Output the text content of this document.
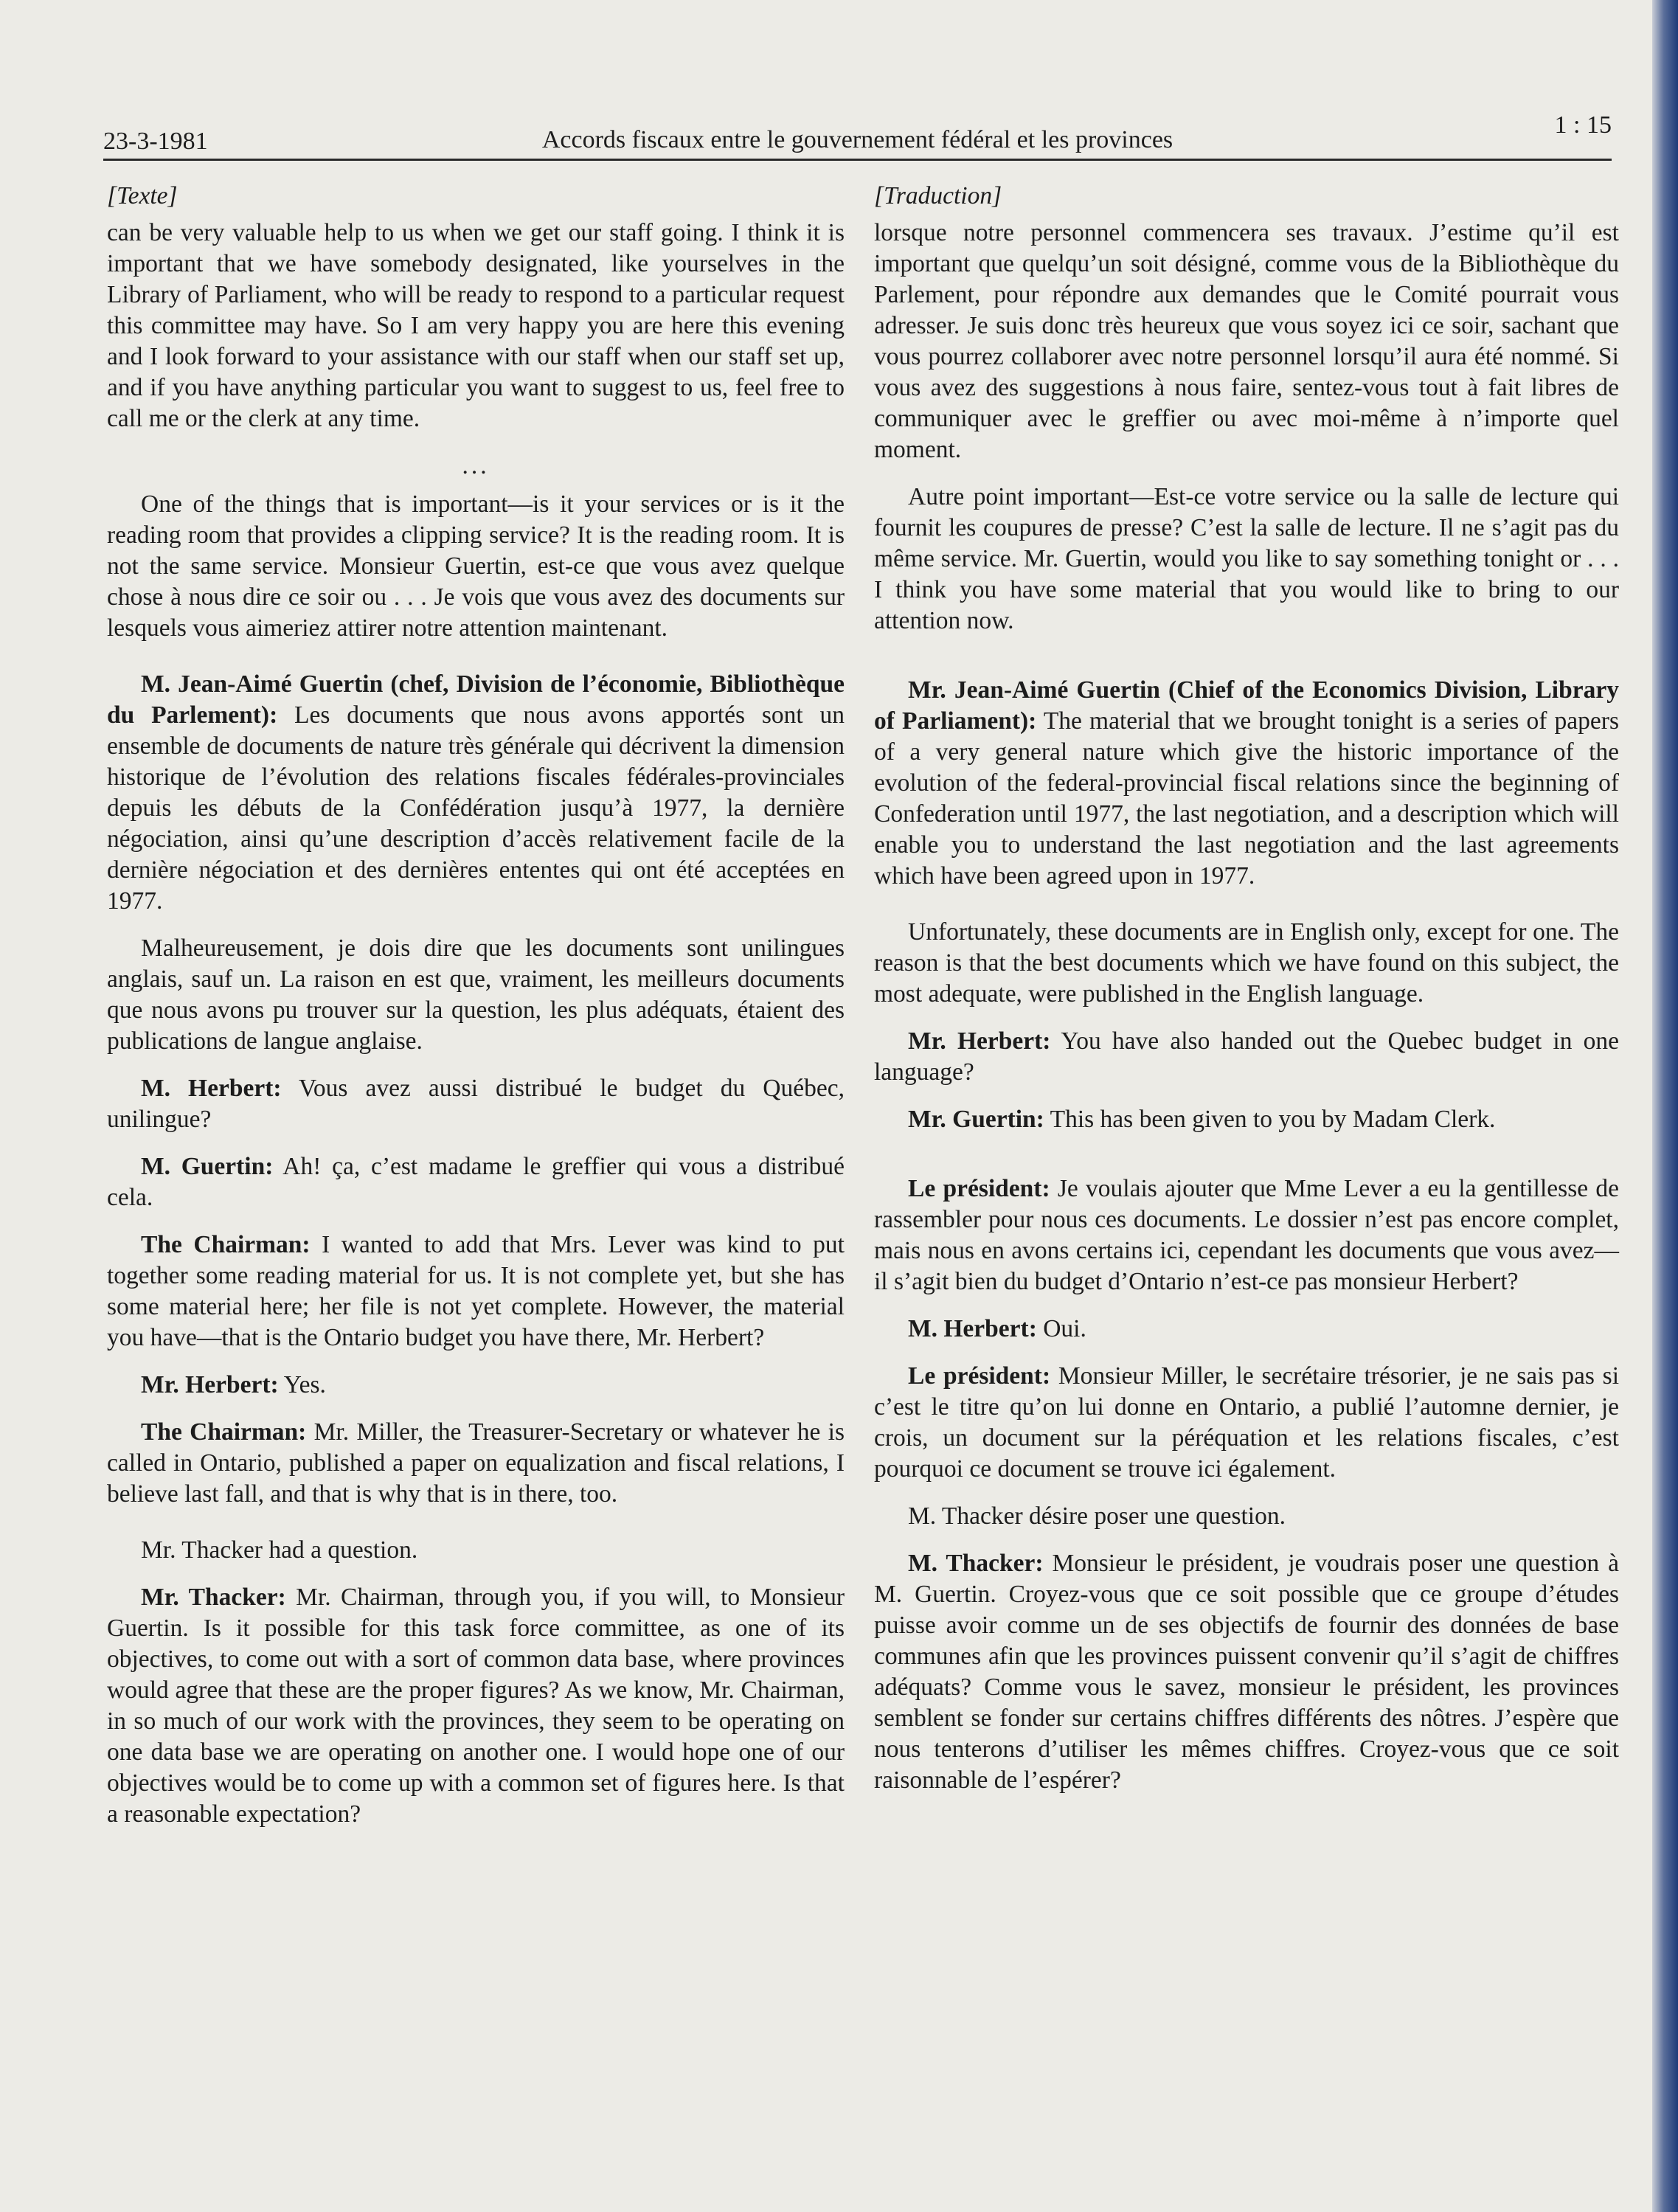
23-3-1981	Accords fiscaux entre le gouvernement fédéral et les provinces
1 : 15
[Texte]

can be very valuable help to us when we get our staff going. I think it is important that we have somebody designated, like yourselves in the Library of Parliament, who will be ready to respond to a particular request this committee may have. So I am very happy you are here this evening and I look forward to your assistance with our staff when our staff set up, and if you have anything particular you want to suggest to us, feel free to call me or the clerk at any time.

...

One of the things that is important—is it your services or is it the reading room that provides a clipping service? It is the reading room. It is not the same service. Monsieur Guertin, est-ce que vous avez quelque chose à nous dire ce soir ou . . . Je vois que vous avez des documents sur lesquels vous aimeriez attirer notre attention maintenant.

M. Jean-Aimé Guertin (chef, Division de l’économie, Bibliothèque du Parlement): Les documents que nous avons apportés sont un ensemble de documents de nature très générale qui décrivent la dimension historique de l’évolution des relations fiscales fédérales-provinciales depuis les débuts de la Confédération jusqu’à 1977, la dernière négociation, ainsi qu’une description d’accès relativement facile de la dernière négociation et des dernières ententes qui ont été acceptées en 1977.

Malheureusement, je dois dire que les documents sont unilingues anglais, sauf un. La raison en est que, vraiment, les meilleurs documents que nous avons pu trouver sur la question, les plus adéquats, étaient des publications de langue anglaise.

M. Herbert: Vous avez aussi distribué le budget du Québec, unilingue?

M. Guertin: Ah! ça, c’est madame le greffier qui vous a distribué cela.

The Chairman: I wanted to add that Mrs. Lever was kind to put together some reading material for us. It is not complete yet, but she has some material here; her file is not yet complete. However, the material you have—that is the Ontario budget you have there, Mr. Herbert?

Mr. Herbert: Yes.

The Chairman: Mr. Miller, the Treasurer-Secretary or whatever he is called in Ontario, published a paper on equalization and fiscal relations, I believe last fall, and that is why that is in there, too.

Mr. Thacker had a question.

Mr. Thacker: Mr. Chairman, through you, if you will, to Monsieur Guertin. Is it possible for this task force committee, as one of its objectives, to come out with a sort of common data base, where provinces would agree that these are the proper figures? As we know, Mr. Chairman, in so much of our work with the provinces, they seem to be operating on one data base we are operating on another one. I would hope one of our objectives would be to come up with a common set of figures here. Is that a reasonable expectation?

[Traduction]

lorsque notre personnel commencera ses travaux. J’estime qu’il est important que quelqu’un soit désigné, comme vous de la Bibliothèque du Parlement, pour répondre aux demandes que le Comité pourrait vous adresser. Je suis donc très heureux que vous soyez ici ce soir, sachant que vous pourrez collaborer avec notre personnel lorsqu’il aura été nommé. Si vous avez des suggestions à nous faire, sentez-vous tout à fait libres de communiquer avec le greffier ou avec moi-même à n’importe quel moment.

Autre point important—Est-ce votre service ou la salle de lecture qui fournit les coupures de presse? C’est la salle de lecture. Il ne s’agit pas du même service. Mr. Guertin, would you like to say something tonight or . . . I think you have some material that you would like to bring to our attention now.

Mr. Jean-Aimé Guertin (Chief of the Economics Division, Library of Parliament): The material that we brought tonight is a series of papers of a very general nature which give the historic importance of the evolution of the federal-provincial fiscal relations since the beginning of Confederation until 1977, the last negotiation, and a description which will enable you to understand the last negotiation and the last agreements which have been agreed upon in 1977.

Unfortunately, these documents are in English only, except for one. The reason is that the best documents which we have found on this subject, the most adequate, were published in the English language.

Mr. Herbert: You have also handed out the Quebec budget in one language?

Mr. Guertin: This has been given to you by Madam Clerk.

Le président: Je voulais ajouter que Mme Lever a eu la gentillesse de rassembler pour nous ces documents. Le dossier n’est pas encore complet, mais nous en avons certains ici, cependant les documents que vous avez—il s’agit bien du budget d’Ontario n’est-ce pas monsieur Herbert?

M. Herbert: Oui.

Le président: Monsieur Miller, le secrétaire trésorier, je ne sais pas si c’est le titre qu’on lui donne en Ontario, a publié l’automne dernier, je crois, un document sur la péréquation et les relations fiscales, c’est pourquoi ce document se trouve ici également.

M. Thacker désire poser une question.

M. Thacker: Monsieur le président, je voudrais poser une question à M. Guertin. Croyez-vous que ce soit possible que ce groupe d’études puisse avoir comme un de ses objectifs de fournir des données de base communes afin que les provinces puissent convenir qu’il s’agit de chiffres adéquats? Comme vous le savez, monsieur le président, les provinces semblent se fonder sur certains chiffres différents des nôtres. J’espère que nous tenterons d’utiliser les mêmes chiffres. Croyez-vous que ce soit raisonnable de l’espérer?
